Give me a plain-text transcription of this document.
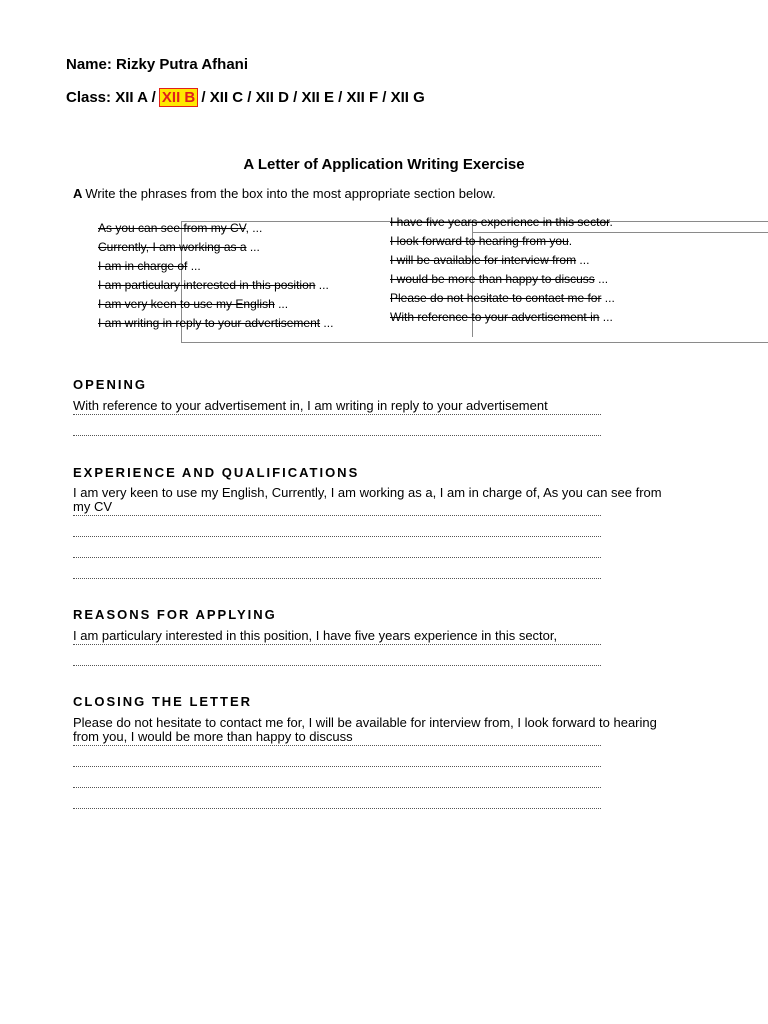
Name: Rizky Putra Afhani
Class: XII A / XII B / XII C / XII D / XII E / XII F / XII G
A Letter of Application Writing Exercise
A Write the phrases from the box into the most appropriate section below.
As you can see from my CV, ...
Currently, I am working as a ...
I am in charge of ...
I am particulary interested in this position ...
I am very keen to use my English ...
I am writing in reply to your advertisement ...
I have five years experience in this sector.
I look forward to hearing from you.
I will be available for interview from ...
I would be more than happy to discuss ...
Please do not hesitate to contact me for ...
With reference to your advertisement in ...
OPENING
With reference to your advertisement in, I am writing in reply to your advertisement
EXPERIENCE AND QUALIFICATIONS
I am very keen to use my English, Currently, I am working as a, I am in charge of, As you can see from my CV
REASONS FOR APPLYING
I am particulary interested in this position, I have five years experience in this sector,
CLOSING THE LETTER
Please do not hesitate to contact me for, I will be available for interview from, I look forward to hearing from you, I would be more than happy to discuss
